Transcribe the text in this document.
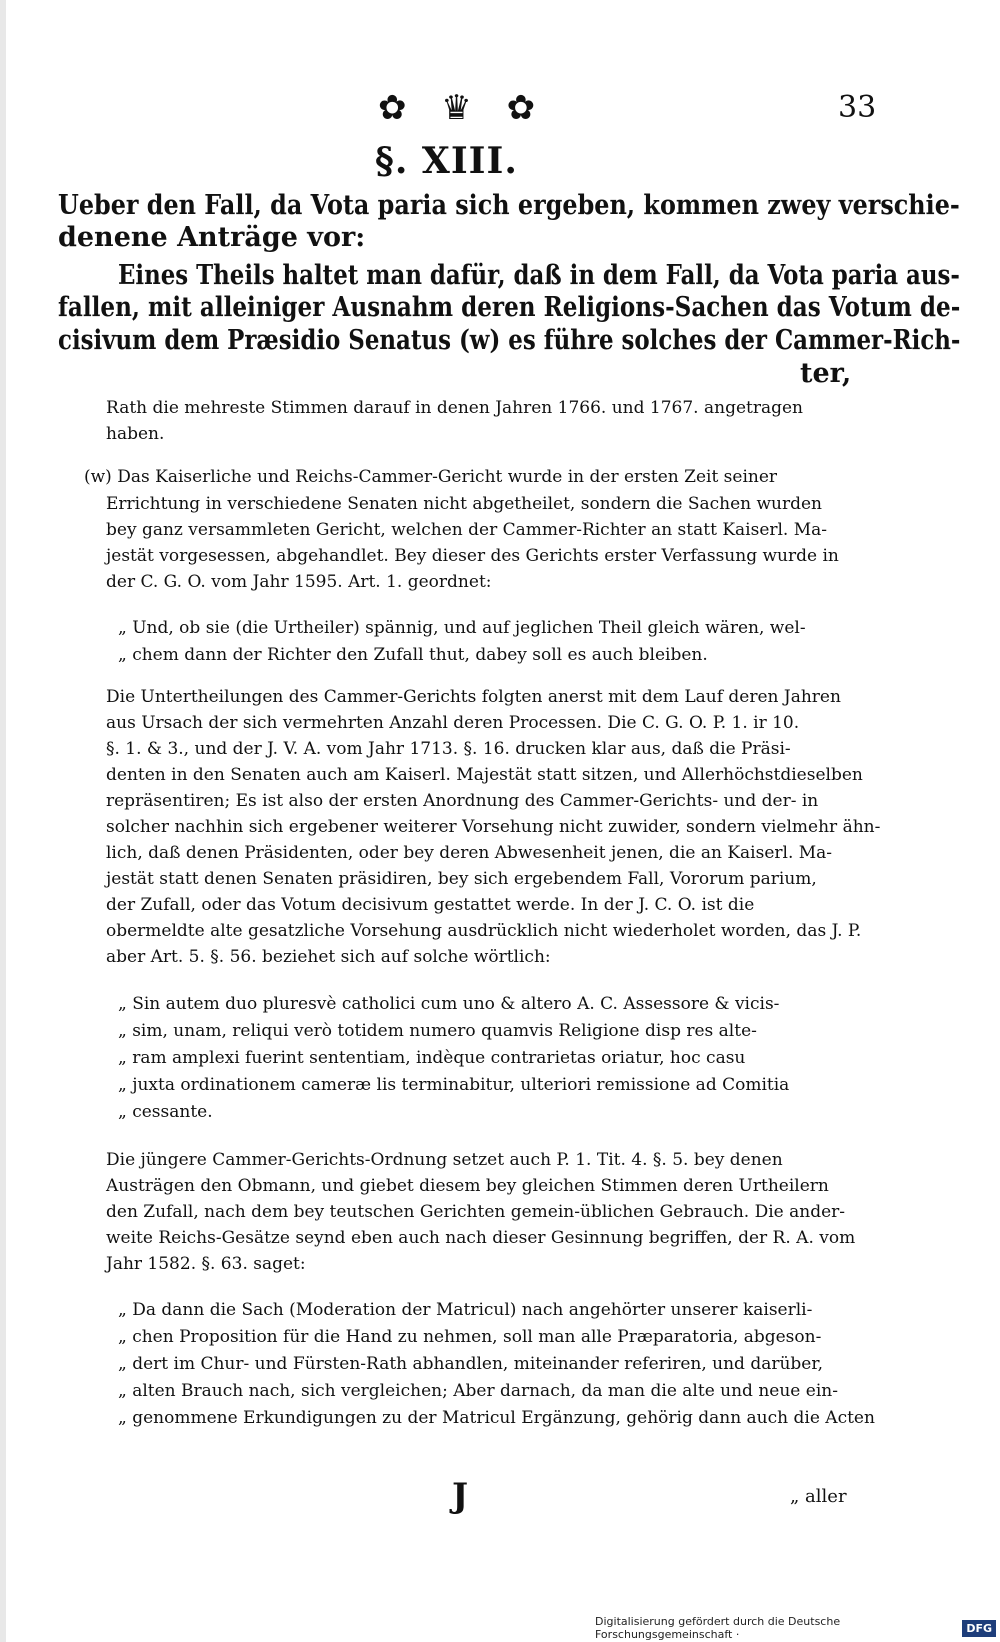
✿ ♛ ✿	33
§. XIII.
Ueber den Fall, da Vota paria sich ergeben, kommen zwey verschie-
denene Anträge vor:
Eines Theils haltet man dafür, daß in dem Fall, da Vota paria aus-
fallen, mit alleiniger Ausnahm deren Religions-Sachen das Votum de-
cisivum dem Præsidio Senatus (w) es führe solches der Cammer-Rich-
ter,
Rath die mehreste Stimmen darauf in denen Jahren 1766. und 1767. angetragen
haben.
(w) Das Kaiserliche und Reichs-Cammer-Gericht wurde in der ersten Zeit seiner
Errichtung in verschiedene Senaten nicht abgetheilet, sondern die Sachen wurden
bey ganz versammleten Gericht, welchen der Cammer-Richter an statt Kaiserl. Ma-
jestät vorgesessen, abgehandlet. Bey dieser des Gerichts erster Verfassung wurde in
der C. G. O. vom Jahr 1595. Art. 1. geordnet:
„ Und, ob sie (die Urtheiler) spännig, und auf jeglichen Theil gleich wären, wel-
„ chem dann der Richter den Zufall thut, dabey soll es auch bleiben.
Die Untertheilungen des Cammer-Gerichts folgten anerst mit dem Lauf deren Jahren
aus Ursach der sich vermehrten Anzahl deren Processen. Die C. G. O. P. 1. ir 10.
§. 1. & 3., und der J. V. A. vom Jahr 1713. §. 16. drucken klar aus, daß die Präsi-
denten in den Senaten auch am Kaiserl. Majestät statt sitzen, und Allerhöchstdieselben
repräsentiren; Es ist also der ersten Anordnung des Cammer-Gerichts- und der- in
solcher nachhin sich ergebener weiterer Vorsehung nicht zuwider, sondern vielmehr ähn-
lich, daß denen Präsidenten, oder bey deren Abwesenheit jenen, die an Kaiserl. Ma-
jestät statt denen Senaten präsidiren, bey sich ergebendem Fall, Vororum parium,
der Zufall, oder das Votum decisivum gestattet werde. In der J. C. O. ist die
obermeldte alte gesatzliche Vorsehung ausdrücklich nicht wiederholet worden, das J. P.
aber Art. 5. §. 56. beziehet sich auf solche wörtlich:
„ Sin autem duo pluresvè catholici cum uno & altero A. C. Assessore & vicis-
„ sim, unam, reliqui verò totidem numero quamvis Religione disp res alte-
„ ram amplexi fuerint sententiam, indèque contrarietas oriatur, hoc casu
„ juxta ordinationem cameræ lis terminabitur, ulteriori remissione ad Comitia
„ cessante.
Die jüngere Cammer-Gerichts-Ordnung setzet auch P. 1. Tit. 4. §. 5. bey denen
Austrägen den Obmann, und giebet diesem bey gleichen Stimmen deren Urtheilern
den Zufall, nach dem bey teutschen Gerichten gemein-üblichen Gebrauch. Die ander-
weite Reichs-Gesätze seynd eben auch nach dieser Gesinnung begriffen, der R. A. vom
Jahr 1582. §. 63. saget:
„ Da dann die Sach (Moderation der Matricul) nach angehörter unserer kaiserli-
„ chen Proposition für die Hand zu nehmen, soll man alle Præparatoria, abgeson-
„ dert im Chur- und Fürsten-Rath abhandlen, miteinander referiren, und darüber,
„ alten Brauch nach, sich vergleichen; Aber darnach, da man die alte und neue ein-
„ genommene Erkundigungen zu der Matricul Ergänzung, gehörig dann auch die Acten
J	„ aller
Digitalisierung gefördert durch die Deutsche Forschungsgemeinschaft ·	DFG
